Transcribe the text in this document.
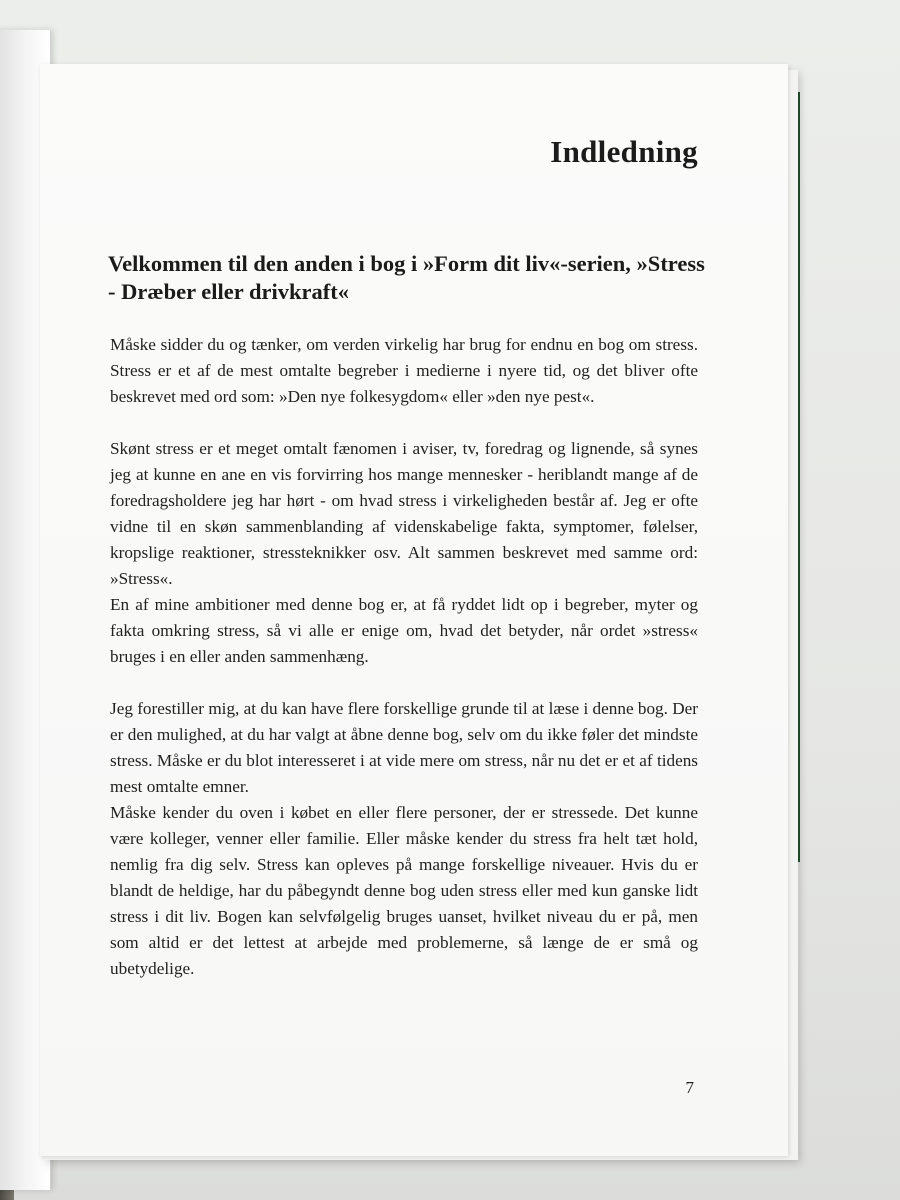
Indledning
Velkommen til den anden i bog i »Form dit liv«-serien, »Stress - Dræber eller drivkraft«

Måske sidder du og tænker, om verden virkelig har brug for endnu en bog om stress. Stress er et af de mest omtalte begreber i medierne i nyere tid, og det bliver ofte beskrevet med ord som: »Den nye folkesygdom« eller »den nye pest«.

Skønt stress er et meget omtalt fænomen i aviser, tv, foredrag og lignende, så synes jeg at kunne en ane en vis forvirring hos mange mennesker - heriblandt mange af de foredragsholdere jeg har hørt - om hvad stress i virkeligheden består af. Jeg er ofte vidne til en skøn sammenblanding af videnskabelige fakta, symptomer, følelser, kropslige reaktioner, stressteknikker osv. Alt sammen beskrevet med samme ord: »Stress«.

En af mine ambitioner med denne bog er, at få ryddet lidt op i begreber, myter og fakta omkring stress, så vi alle er enige om, hvad det betyder, når ordet »stress« bruges i en eller anden sammenhæng.

Jeg forestiller mig, at du kan have flere forskellige grunde til at læse i denne bog. Der er den mulighed, at du har valgt at åbne denne bog, selv om du ikke føler det mindste stress. Måske er du blot interesseret i at vide mere om stress, når nu det er et af tidens mest omtalte emner.

Måske kender du oven i købet en eller flere personer, der er stressede. Det kunne være kolleger, venner eller familie. Eller måske kender du stress fra helt tæt hold, nemlig fra dig selv. Stress kan opleves på mange forskellige niveauer. Hvis du er blandt de heldige, har du påbegyndt denne bog uden stress eller med kun ganske lidt stress i dit liv. Bogen kan selvfølgelig bruges uanset, hvilket niveau du er på, men som altid er det lettest at arbejde med problemerne, så længe de er små og ubetydelige.

7
